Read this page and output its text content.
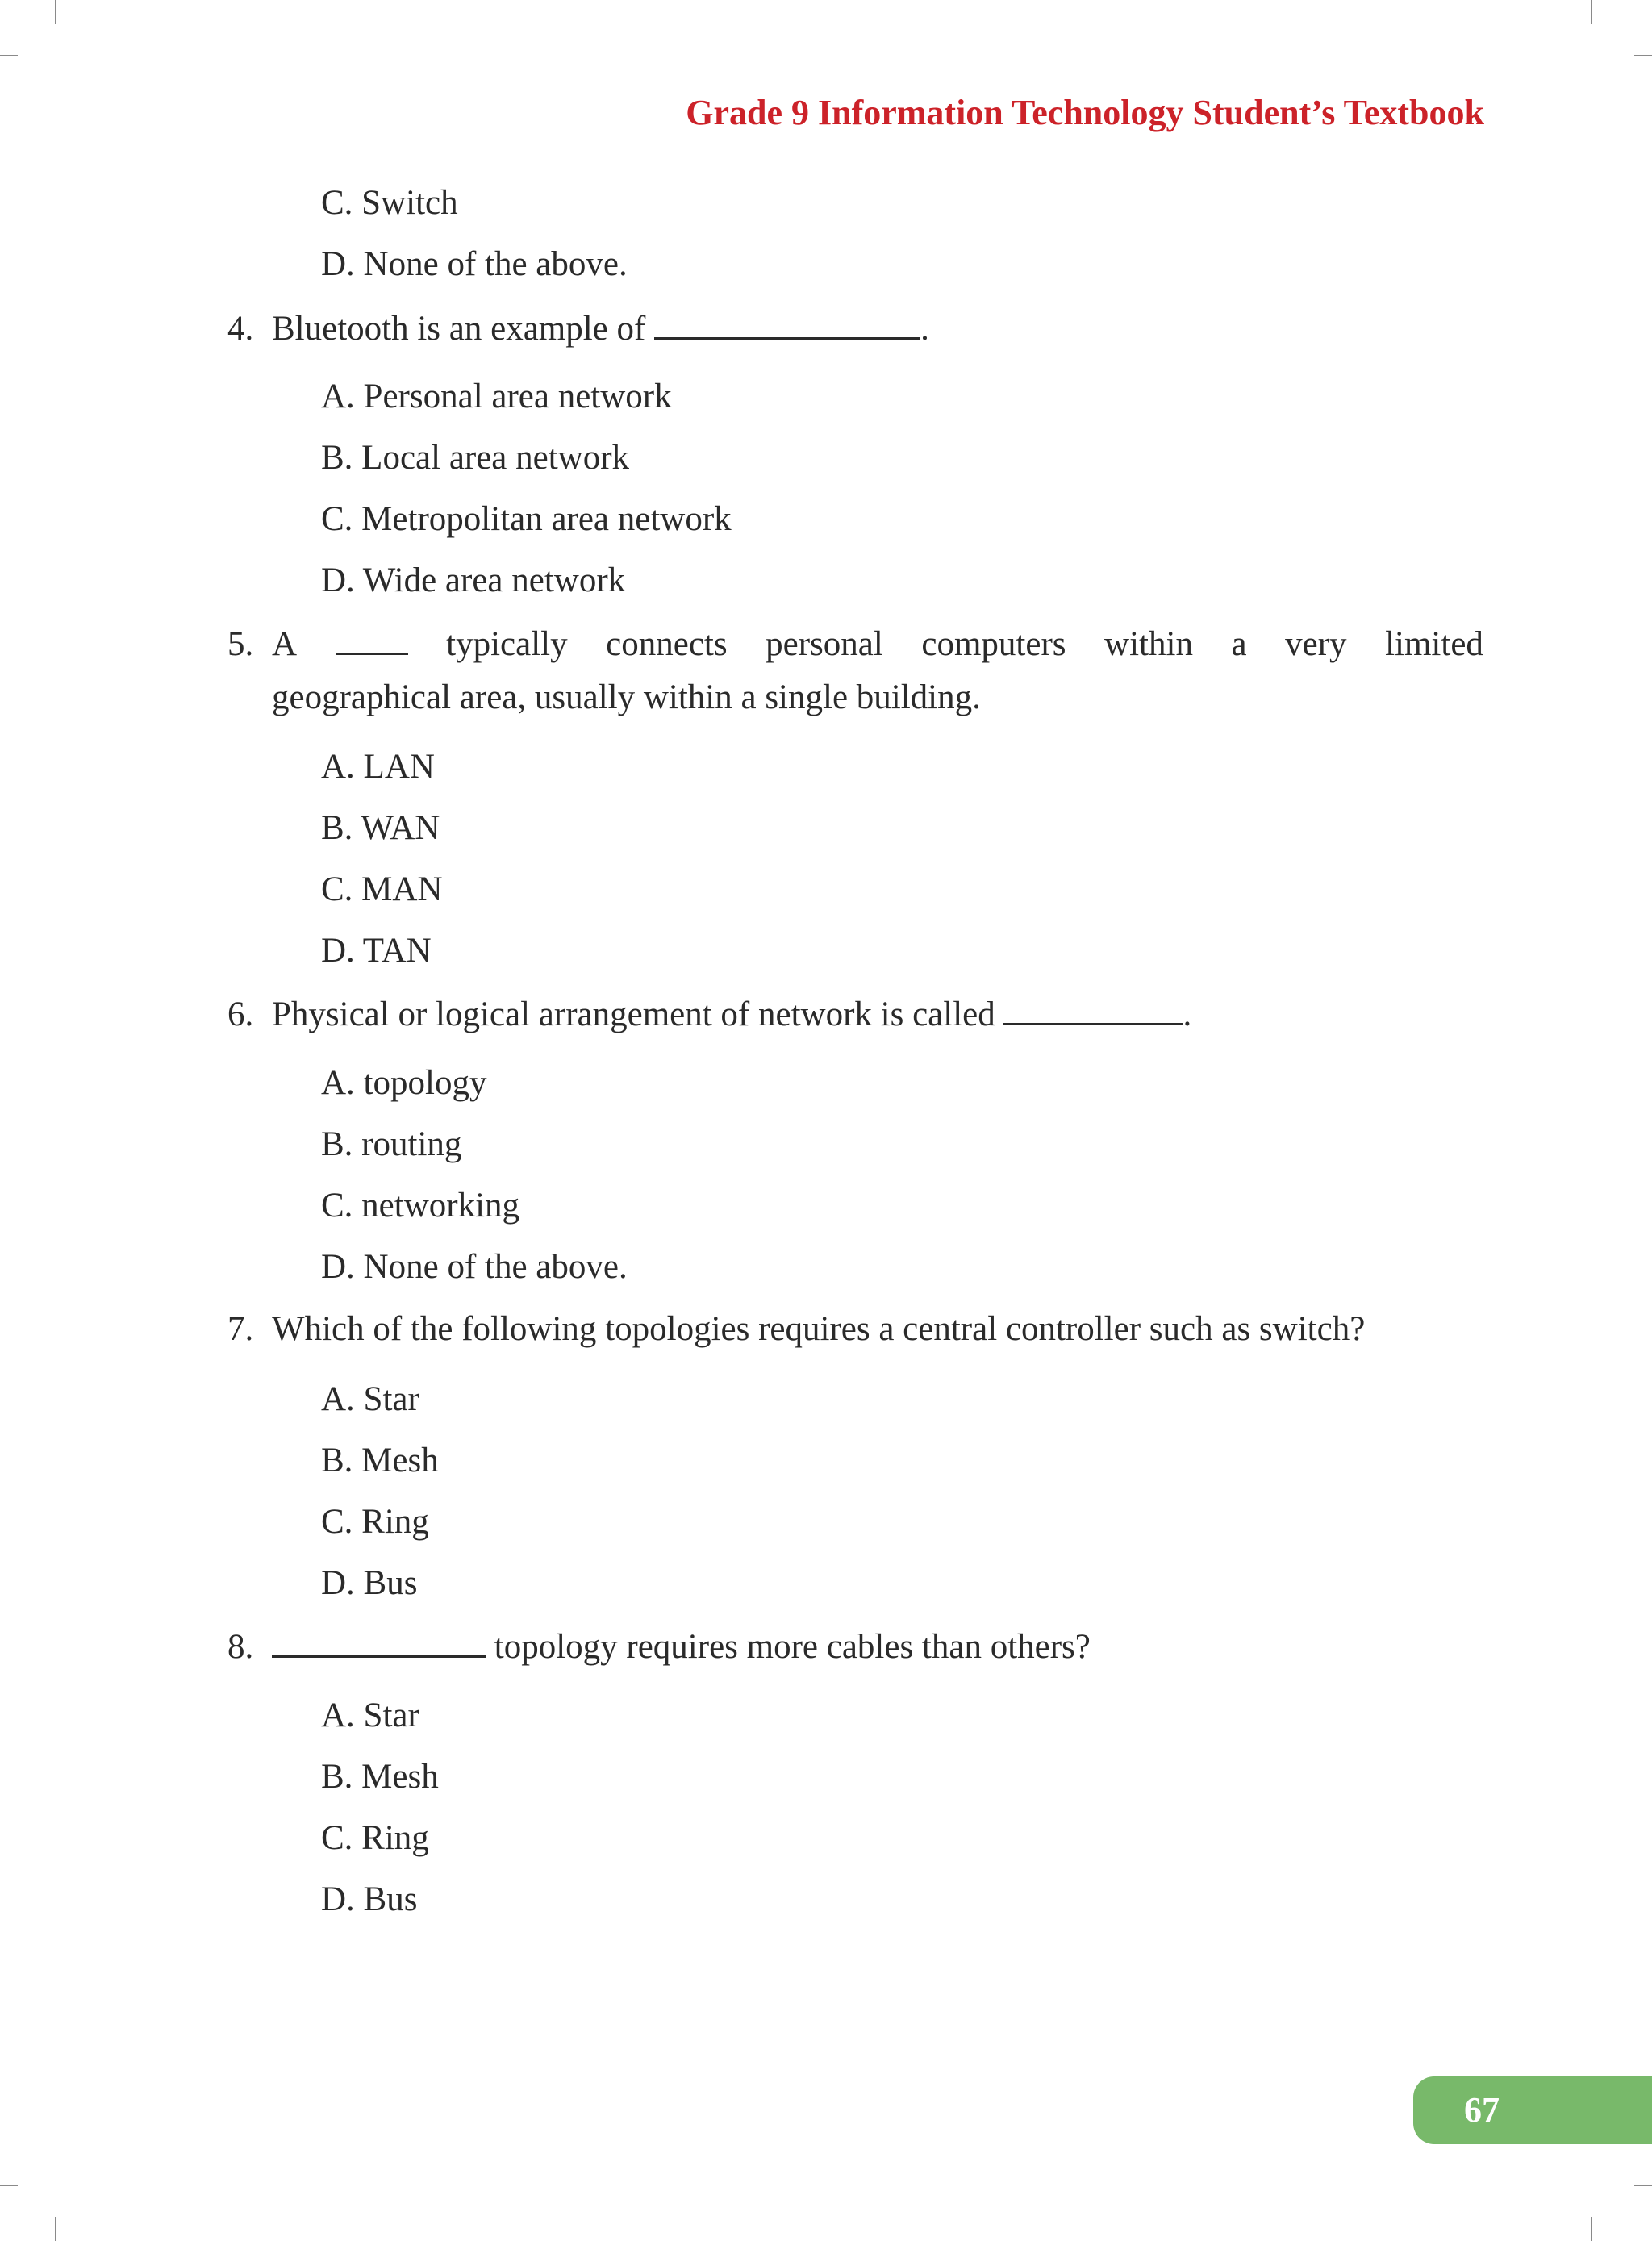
Grade 9 Information Technology Student’s Textbook
C. Switch
D. None of the above.
4. Bluetooth is an example of	.
A. Personal area network
B. Local area network
C. Metropolitan area network
D. Wide area network
5. A	typically connects personal computers within a very limited
geographical area, usually within a single building.
A. LAN
B. WAN
C. MAN
D. TAN
6. Physical or logical arrangement of network is called	.
A. topology
B. routing
C. networking
D. None of the above.
7. Which of the following topologies requires a central controller such as switch?
A. Star
B. Mesh
C. Ring
D. Bus
8.	topology requires more cables than others?
A. Star
B. Mesh
C. Ring
D. Bus
67
